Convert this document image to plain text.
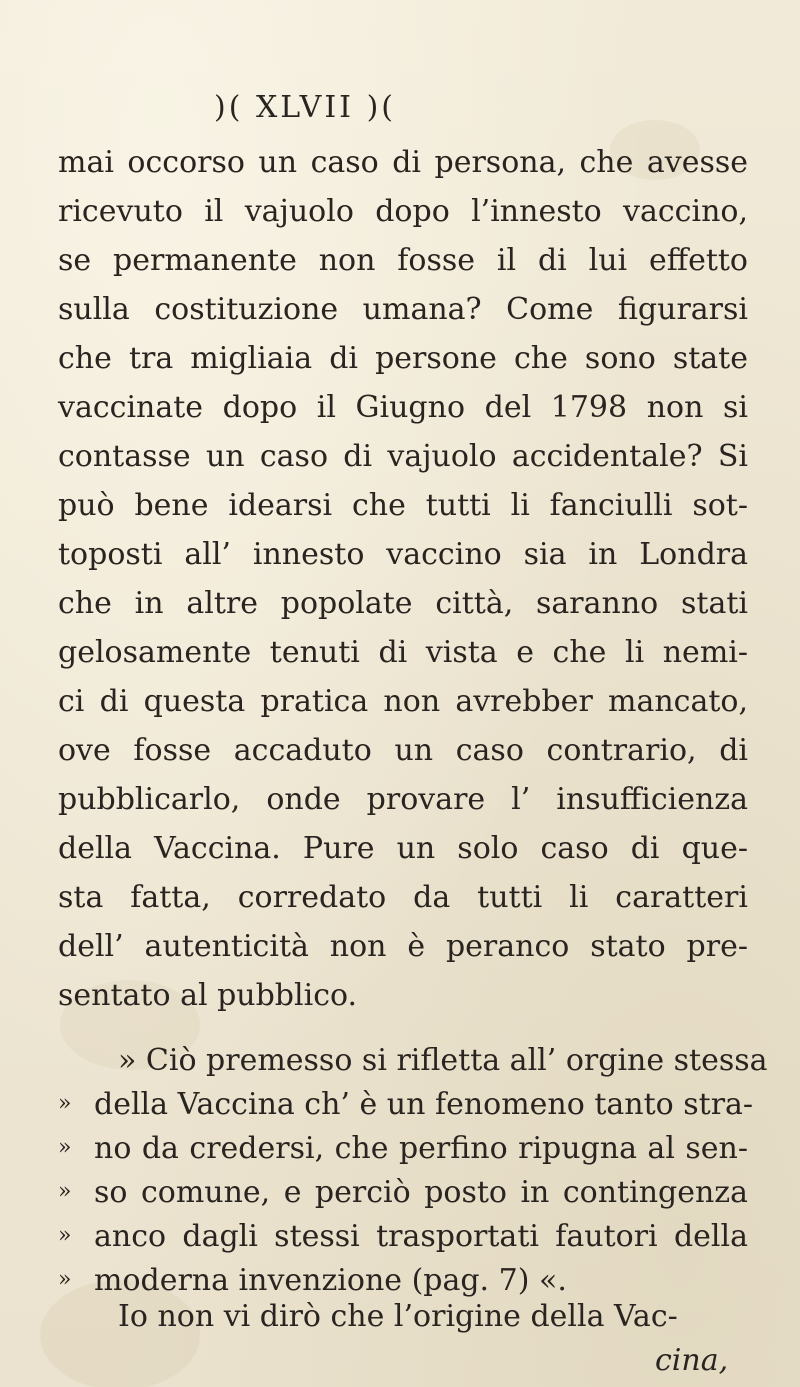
)( XLVII )(
mai occorso un caso di persona, che avesse
ricevuto il vajuolo dopo l’innesto vaccino,
se permanente non fosse il di lui effetto
sulla costituzione umana? Come figurarsi
che tra migliaia di persone che sono state
vaccinate dopo il Giugno del 1798 non si
contasse un caso di vajuolo accidentale? Si
può bene idearsi che tutti li fanciulli sot-
toposti all’ innesto vaccino sia in Londra
che in altre popolate città, saranno stati
gelosamente tenuti di vista e che li nemi-
ci di questa pratica non avrebber mancato,
ove fosse accaduto un caso contrario, di
pubblicarlo, onde provare l’ insufficienza
della Vaccina. Pure un solo caso di que-
sta fatta, corredato da tutti li caratteri
dell’ autenticità non è peranco stato pre-
sentato al pubblico.
» Ciò premesso si rifletta all’ orgine stessa
» della Vaccina ch’ è un fenomeno tanto stra-
» no da credersi, che perfino ripugna al sen-
» so comune, e perciò posto in contingenza
» anco dagli stessi trasportati fautori della
» moderna invenzione (pag. 7) «.
cina,
Io non vi dirò che l’origine della Vac-
